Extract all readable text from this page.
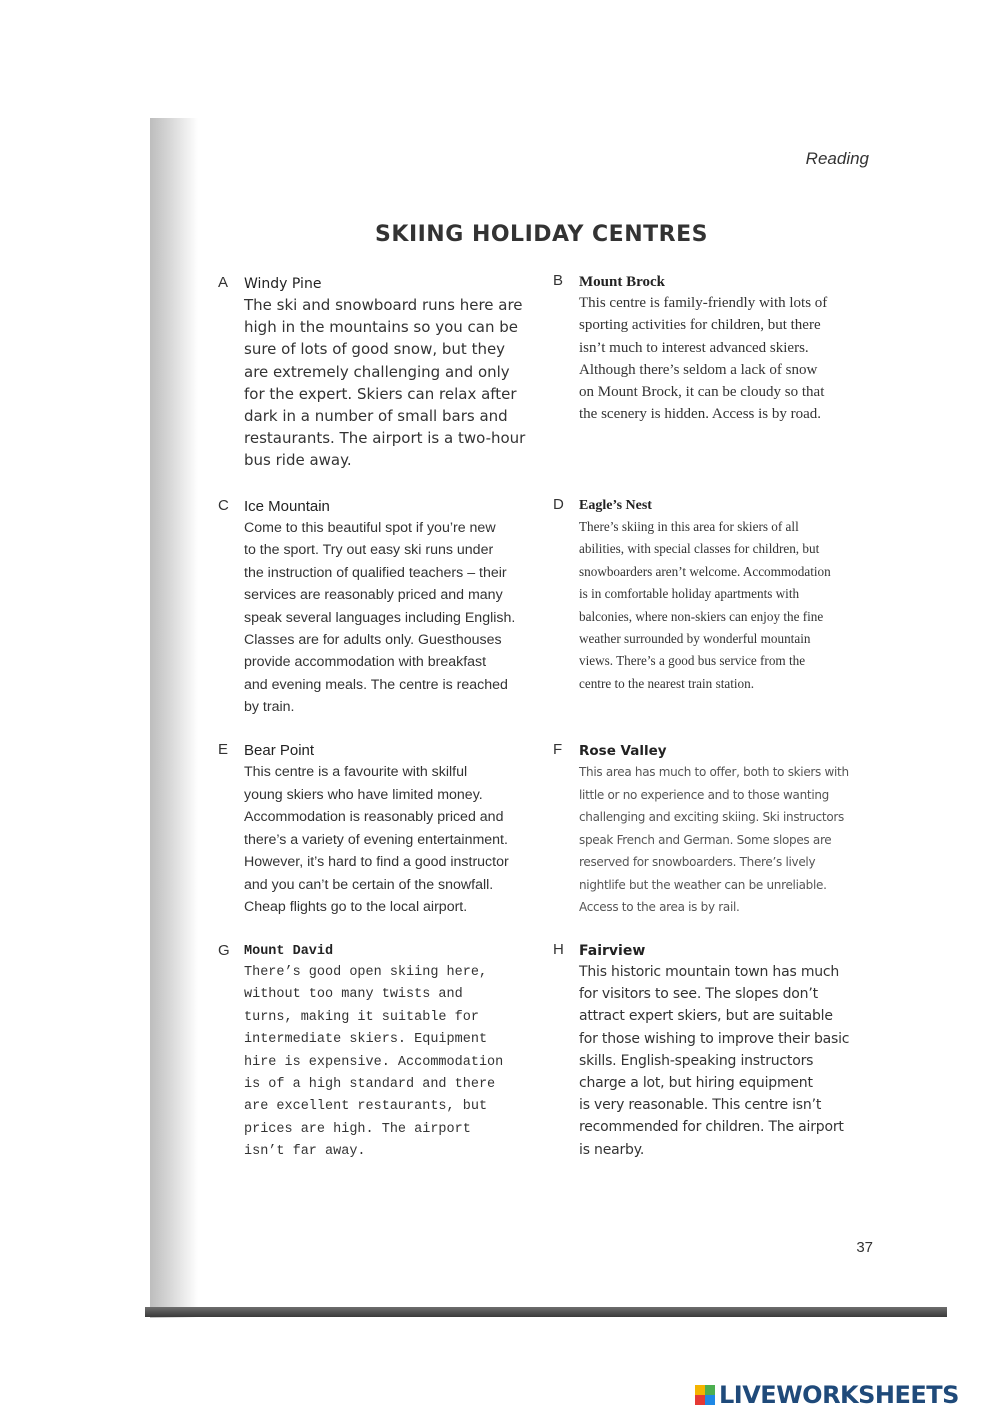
Reading
SKIING HOLIDAY CENTRES
A	Windy Pine

The ski and snowboard runs here are
high in the mountains so you can be
sure of lots of good snow, but they
are extremely challenging and only
for the expert. Skiers can relax after
dark in a number of small bars and
restaurants. The airport is a two-hour
bus ride away.

B	Mount Brock

This centre is family-friendly with lots of
sporting activities for children, but there
isn’t much to interest advanced skiers.
Although there’s seldom a lack of snow
on Mount Brock, it can be cloudy so that
the scenery is hidden. Access is by road.

C	Ice Mountain

Come to this beautiful spot if you’re new
to the sport. Try out easy ski runs under
the instruction of qualified teachers – their
services are reasonably priced and many
speak several languages including English.
Classes are for adults only. Guesthouses
provide accommodation with breakfast
and evening meals. The centre is reached
by train.

D	Eagle’s Nest

There’s skiing in this area for skiers of all
abilities, with special classes for children, but
snowboarders aren’t welcome. Accommodation
is in comfortable holiday apartments with
balconies, where non-skiers can enjoy the fine
weather surrounded by wonderful mountain
views. There’s a good bus service from the
centre to the nearest train station.

E	Bear Point

This centre is a favourite with skilful
young skiers who have limited money.
Accommodation is reasonably priced and
there’s a variety of evening entertainment.
However, it’s hard to find a good instructor
and you can’t be certain of the snowfall.
Cheap flights go to the local airport.

F	Rose Valley

This area has much to offer, both to skiers with
little or no experience and to those wanting
challenging and exciting skiing. Ski instructors
speak French and German. Some slopes are
reserved for snowboarders. There’s lively
nightlife but the weather can be unreliable.
Access to the area is by rail.

G	Mount David

There’s good open skiing here,
without too many twists and
turns, making it suitable for
intermediate skiers. Equipment
hire is expensive. Accommodation
is of a high standard and there
are excellent restaurants, but
prices are high. The airport
isn’t far away.

H	Fairview

This historic mountain town has much
for visitors to see. The slopes don’t
attract expert skiers, but are suitable
for those wishing to improve their basic
skills. English-speaking instructors
charge a lot, but hiring equipment
is very reasonable. This centre isn’t
recommended for children. The airport
is nearby.

37
LIVEWORKSHEETS
